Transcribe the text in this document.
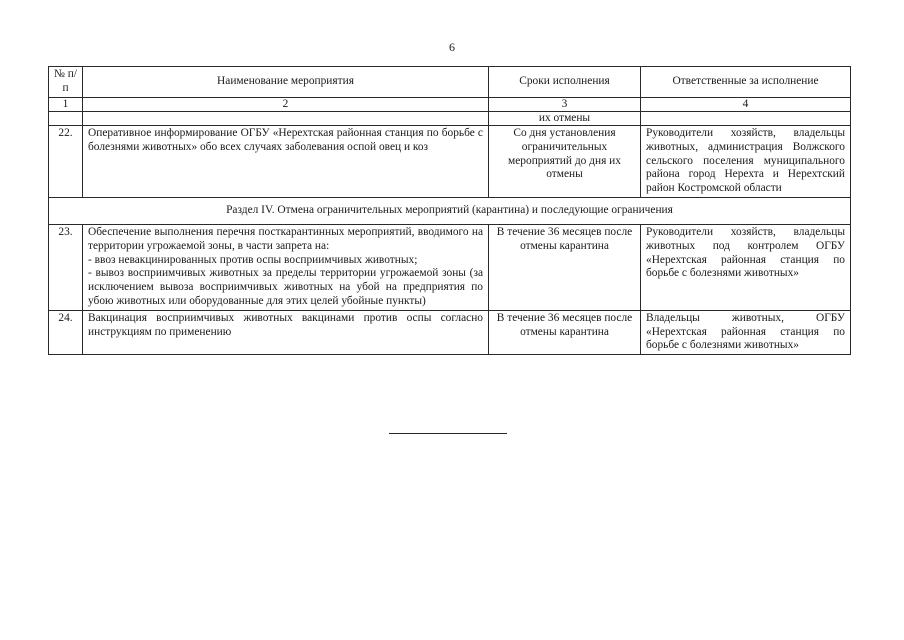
6
№ п/п	Наименование мероприятия	Сроки исполнения	Ответственные за исполнение
1	2	3	4
		их отмены	
22.	Оперативное информирование ОГБУ «Нерехтская районная станция по борьбе с болезнями животных» обо всех случаях заболевания оспой овец и коз	Со дня установления ограничительных мероприятий до дня их отмены	Руководители хозяйств, владельцы животных, администрация Волжского сельского поселения муниципального района город Нерехта и Нерехтский район Костромской области
Раздел IV. Отмена ограничительных мероприятий (карантина) и последующие ограничения			
23.	Обеспечение выполнения перечня посткарантинных мероприятий, вводимого на территории угрожаемой зоны, в части запрета на:
- ввоз невакцинированных против оспы восприимчивых животных;
- вывоз восприимчивых животных за пределы территории угрожаемой зоны (за исключением вывоза восприимчивых животных на убой на предприятия по убою животных или оборудованные для этих целей убойные пункты)	В течение 36 месяцев после отмены карантина	Руководители хозяйств, владельцы животных под контролем ОГБУ «Нерехтская районная станция по борьбе с болезнями животных»
24.	Вакцинация восприимчивых животных вакцинами против оспы согласно инструкциям по применению	В течение 36 месяцев после отмены карантина	Владельцы животных, ОГБУ «Нерехтская районная станция по борьбе с болезнями животных»
